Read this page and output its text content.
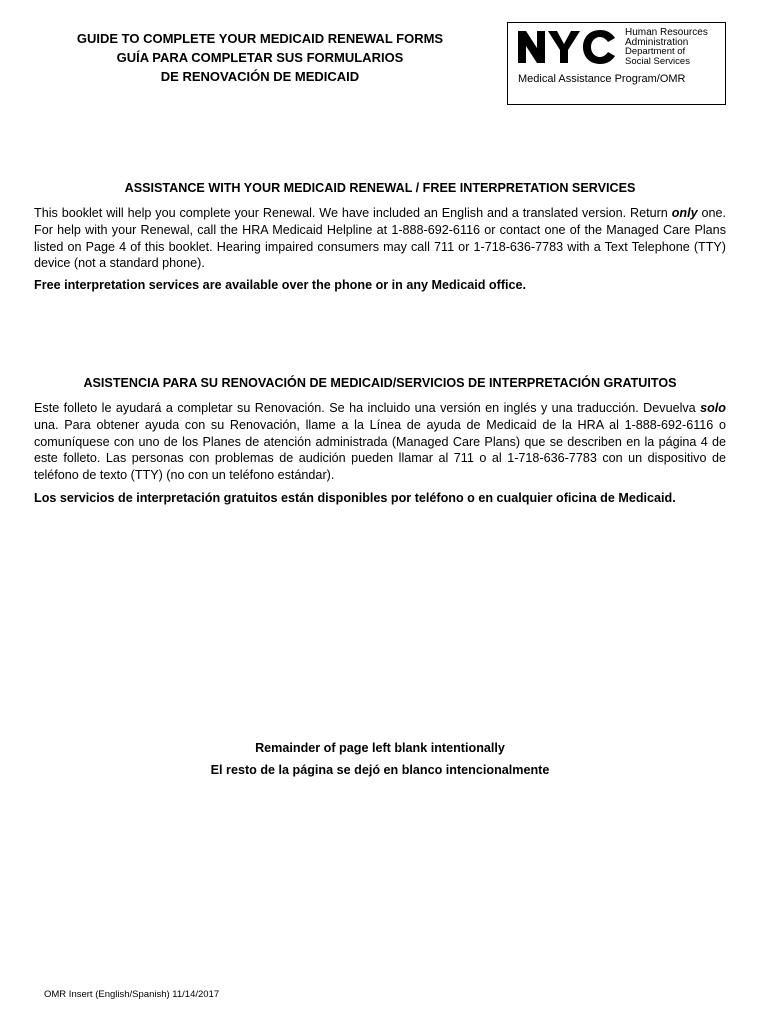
GUIDE TO COMPLETE YOUR MEDICAID RENEWAL FORMS
GUÍA PARA COMPLETAR SUS FORMULARIOS
DE RENOVACIÓN DE MEDICAID
NYC	Human Resources
Administration
Department of
Social Services
Medical Assistance Program/OMR
ASSISTANCE WITH YOUR MEDICAID RENEWAL / FREE INTERPRETATION SERVICES
This booklet will help you complete your Renewal. We have included an English and a translated version. Return only one. For help with your Renewal, call the HRA Medicaid Helpline at 1-888-692-6116 or contact one of the Managed Care Plans listed on Page 4 of this booklet. Hearing impaired consumers may call 711 or 1-718-636-7783 with a Text Telephone (TTY) device (not a standard phone).
Free interpretation services are available over the phone or in any Medicaid office.
ASISTENCIA PARA SU RENOVACIÓN DE MEDICAID/SERVICIOS DE INTERPRETACIÓN GRATUITOS
Este folleto le ayudará a completar su Renovación. Se ha incluido una versión en inglés y una traducción. Devuelva solo una. Para obtener ayuda con su Renovación, llame a la Línea de ayuda de Medicaid de la HRA al 1-888-692-6116 o comuníquese con uno de los Planes de atención administrada (Managed Care Plans) que se describen en la página 4 de este folleto. Las personas con problemas de audición pueden llamar al 711 o al 1-718-636-7783 con un dispositivo de teléfono de texto (TTY) (no con un teléfono estándar).
Los servicios de interpretación gratuitos están disponibles por teléfono o en cualquier oficina de Medicaid.
Remainder of page left blank intentionally
El resto de la página se dejó en blanco intencionalmente
OMR Insert (English/Spanish) 11/14/2017
